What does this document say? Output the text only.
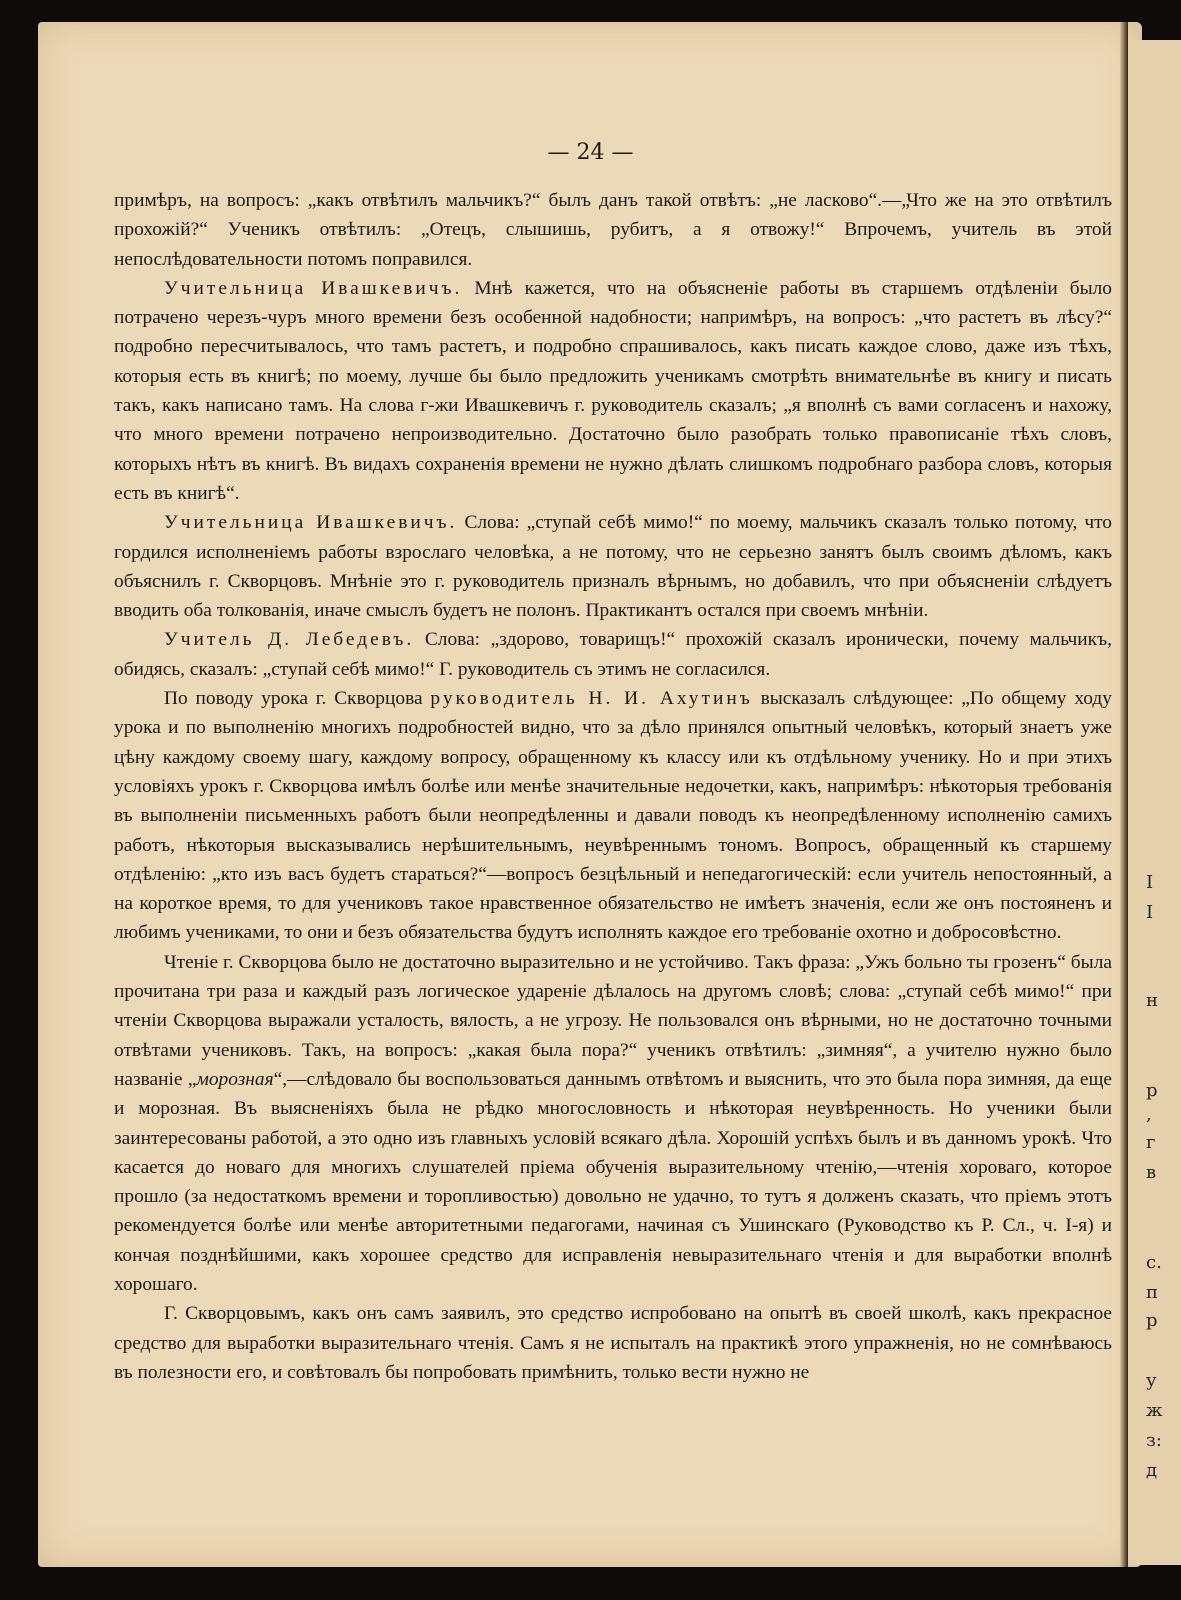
I
I
н
р
,
г
в
с.
п
р
у
ж
з:
д
— 24 —

примѣръ, на вопросъ: „какъ отвѣтилъ мальчикъ?“ былъ данъ такой отвѣтъ: „не ласково“.—„Что же на это отвѣтилъ прохожій?“ Ученикъ отвѣтилъ: „Отецъ, слышишь, рубитъ, а я отвожу!“ Впрочемъ, учитель въ этой непослѣдовательности потомъ поправился.

Учительница Ивашкевичъ. Мнѣ кажется, что на объясненіе работы въ старшемъ отдѣленіи было потрачено черезъ-чуръ много времени безъ особенной надобности; напримѣръ, на вопросъ: „что растетъ въ лѣсу?“ подробно пересчитывалось, что тамъ растетъ, и подробно спрашивалось, какъ писать каждое слово, даже изъ тѣхъ, которыя есть въ книгѣ; по моему, лучше бы было предложить ученикамъ смотрѣть внимательнѣе въ книгу и писать такъ, какъ написано тамъ. На слова г-жи Ивашкевичъ г. руководитель сказалъ; „я вполнѣ съ вами согласенъ и нахожу, что много времени потрачено непроизводительно. Достаточно было разобрать только правописаніе тѣхъ словъ, которыхъ нѣтъ въ книгѣ. Въ видахъ сохраненія времени не нужно дѣлать слишкомъ подробнаго разбора словъ, которыя есть въ книгѣ“.

Учительница Ивашкевичъ. Слова: „ступай себѣ мимо!“ по моему, мальчикъ сказалъ только потому, что гордился исполненіемъ работы взрослаго человѣка, а не потому, что не серьезно занятъ былъ своимъ дѣломъ, какъ объяснилъ г. Скворцовъ. Мнѣніе это г. руководитель призналъ вѣрнымъ, но добавилъ, что при объясненіи слѣдуетъ вводить оба толкованія, иначе смыслъ будетъ не полонъ. Практикантъ остался при своемъ мнѣніи.

Учитель Д. Лебедевъ. Слова: „здорово, товарищъ!“ прохожій сказалъ иронически, почему мальчикъ, обидясь, сказалъ: „ступай себѣ мимо!“ Г. руководитель съ этимъ не согласился.

По поводу урока г. Скворцова руководитель Н. И. Ахутинъ высказалъ слѣдующее: „По общему ходу урока и по выполненію многихъ подробностей видно, что за дѣло принялся опытный человѣкъ, который знаетъ уже цѣну каждому своему шагу, каждому вопросу, обращенному къ классу или къ отдѣльному ученику. Но и при этихъ условіяхъ урокъ г. Скворцова имѣлъ болѣе или менѣе значительные недочетки, какъ, напримѣръ: нѣкоторыя требованія въ выполненіи письменныхъ работъ были неопредѣленны и давали поводъ къ неопредѣленному исполненію самихъ работъ, нѣкоторыя высказывались нерѣшительнымъ, неувѣреннымъ тономъ. Вопросъ, обращенный къ старшему отдѣленію: „кто изъ васъ будетъ стараться?“—вопросъ безцѣльный и непедагогическій: если учитель непостоянный, а на короткое время, то для учениковъ такое нравственное обязательство не имѣетъ значенія, если же онъ постояненъ и любимъ учениками, то они и безъ обязательства будутъ исполнять каждое его требованіе охотно и добросовѣстно.

Чтеніе г. Скворцова было не достаточно выразительно и не устойчиво. Такъ фраза: „Ужъ больно ты грозенъ“ была прочитана три раза и каждый разъ логическое удареніе дѣлалось на другомъ словѣ; слова: „ступай себѣ мимо!“ при чтеніи Скворцова выражали усталость, вялость, а не угрозу. Не пользовался онъ вѣрными, но не достаточно точными отвѣтами учениковъ. Такъ, на вопросъ: „какая была пора?“ ученикъ отвѣтилъ: „зимняя“, а учителю нужно было названіе „морозная“,—слѣдовало бы воспользоваться даннымъ отвѣтомъ и выяснить, что это была пора зимняя, да еще и морозная. Въ выясненіяхъ была не рѣдко многословность и нѣкоторая неувѣренность. Но ученики были заинтересованы работой, а это одно изъ главныхъ условій всякаго дѣла. Хорошій успѣхъ былъ и въ данномъ урокѣ. Что касается до новаго для многихъ слушателей пріема обученія выразительному чтенію,—чтенія хороваго, которое прошло (за недостаткомъ времени и торопливостью) довольно не удачно, то тутъ я долженъ сказать, что пріемъ этотъ рекомендуется болѣе или менѣе авторитетными педагогами, начиная съ Ушинскаго (Руководство къ Р. Сл., ч. I-я) и кончая позднѣйшими, какъ хорошее средство для исправленія невыразительнаго чтенія и для выработки вполнѣ хорошаго.

Г. Скворцовымъ, какъ онъ самъ заявилъ, это средство испробовано на опытѣ въ своей школѣ, какъ прекрасное средство для выработки выразительнаго чтенія. Самъ я не испыталъ на практикѣ этого упражненія, но не сомнѣваюсь въ полезности его, и совѣтовалъ бы попробовать примѣнить, только вести нужно не
